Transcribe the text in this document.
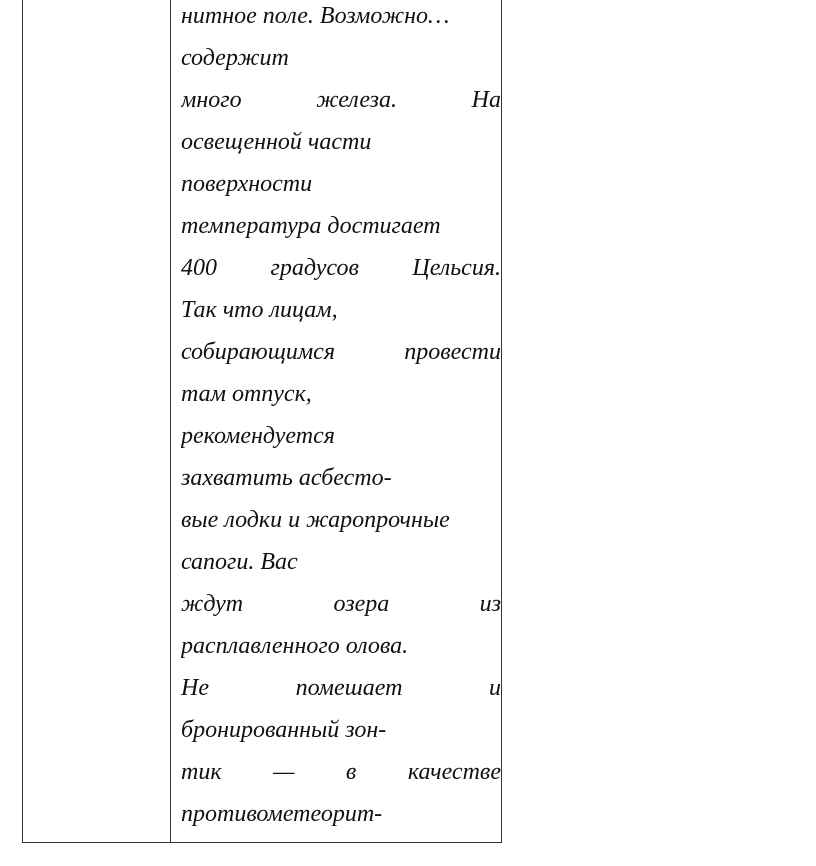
нитное поле. Возможно…
содержит
много	железа.	На
освещенной части
поверхности
температура достигает
400 градусов Цельсия.
Так что лицам,
собирающимся	провести
там отпуск,
рекомендуется
захватить асбесто-
вые лодки и жаропрочные
сапоги. Вас
ждут	озера	из
расплавленного олова.
Не	помешает	и
бронированный зон-
тик — в качестве
противометеорит-
